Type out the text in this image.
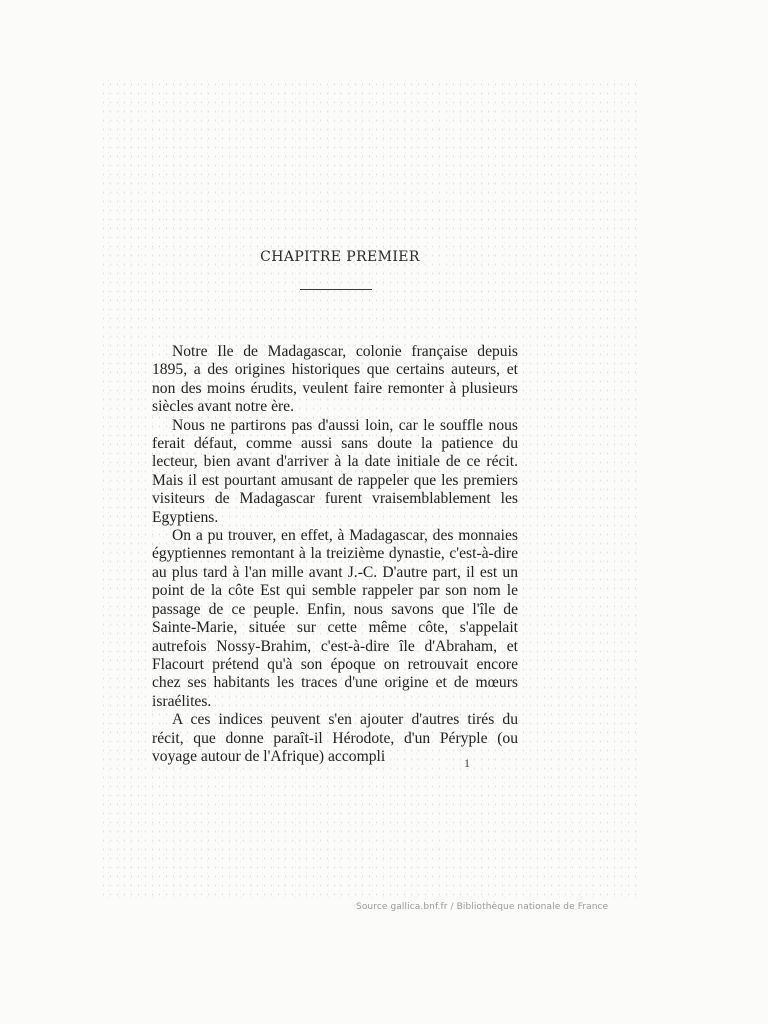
CHAPITRE PREMIER

Notre Ile de Madagascar, colonie française depuis 1895, a des origines historiques que certains auteurs, et non des moins érudits, veulent faire remonter à plusieurs siècles avant notre ère.

Nous ne partirons pas d'aussi loin, car le souffle nous ferait défaut, comme aussi sans doute la patience du lecteur, bien avant d'arriver à la date initiale de ce récit. Mais il est pourtant amusant de rappeler que les premiers visiteurs de Madagascar furent vraisemblablement les Egyptiens.

On a pu trouver, en effet, à Madagascar, des monnaies égyptiennes remontant à la treizième dynastie, c'est-à-dire au plus tard à l'an mille avant J.-C. D'autre part, il est un point de la côte Est qui semble rappeler par son nom le passage de ce peuple. Enfin, nous savons que l'île de Sainte-Marie, située sur cette même côte, s'appelait autrefois Nossy-Brahim, c'est-à-dire île d'Abraham, et Flacourt prétend qu'à son époque on retrouvait encore chez ses habitants les traces d'une origine et de mœurs israélites.

A ces indices peuvent s'en ajouter d'autres tirés du récit, que donne paraît-il Hérodote, d'un Péryple (ou voyage autour de l'Afrique) accompli	1
Source gallica.bnf.fr / Bibliothèque nationale de France
